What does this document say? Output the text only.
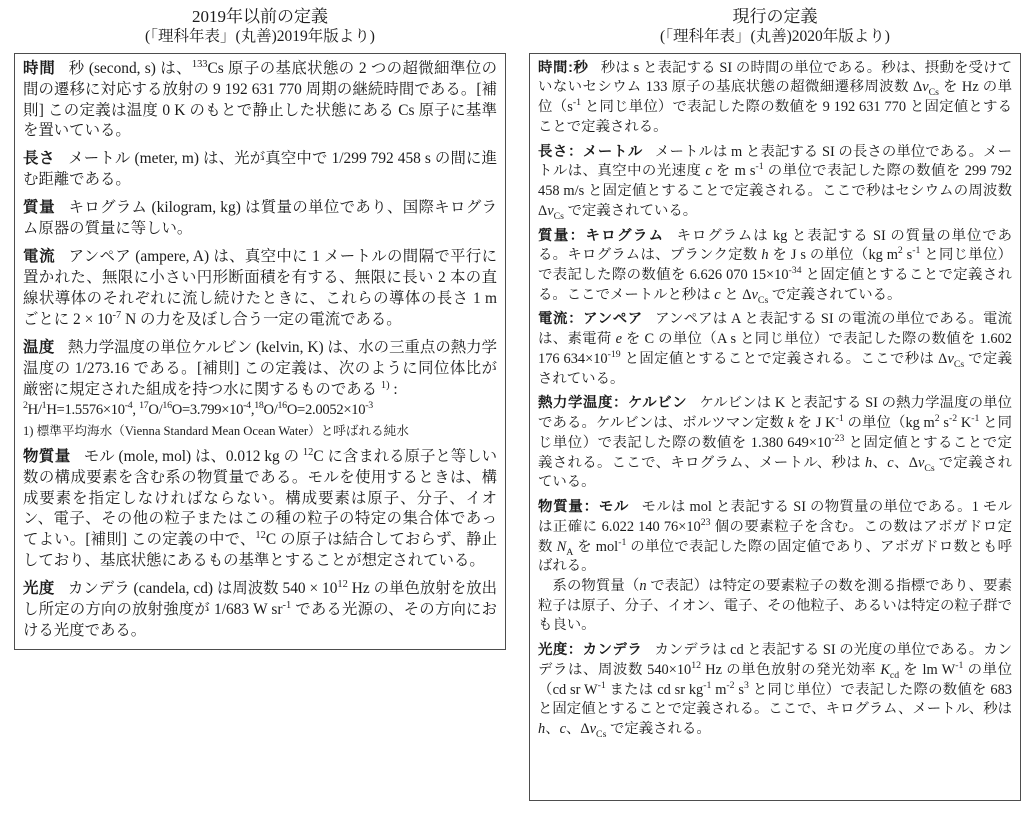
2019年以前の定義
(「理科年表」(丸善)2019年版より)

時間 秒 (second, s) は、$^{133}$Cs 原子の基底状態の 2 つの超微細準位の間の遷移に対応する放射の 9 192 631 770 周期の継続時間である。[補則] この定義は温度 0 K のもとで静止した状態にある Cs 原子に基準を置いている。

長さ メートル (meter, m) は、光が真空中で 1/299 792 458 s の間に進む距離である。

質量 キログラム (kilogram, kg) は質量の単位であり、国際キログラム原器の質量に等しい。

電流 アンペア (ampere, A) は、真空中に 1 メートルの間隔で平行に置かれた、無限に小さい円形断面積を有する、無限に長い 2 本の直線状導体のそれぞれに流し続けたときに、これらの導体の長さ 1 m ごとに $2 \times 10^{-7}$ N の力を及ぼし合う一定の電流である。

温度 熱力学温度の単位ケルビン (kelvin, K) は、水の三重点の熱力学温度の 1/273.16 である。[補則] この定義は、次のように同位体比が厳密に規定された組成を持つ水に関するものである $^{1)}$ :
$^2H/^1H=1.5576\times 10^{-4}$, $^{17}O/^{16}O=3.799\times 10^{-4},^{18}O/^{16}O=2.0052\times 10^{-3}$
1) 標準平均海水（Vienna Standard Mean Ocean Water）と呼ばれる純水

物質量 モル (mole, mol) は、0.012 kg の $^{12}$C に含まれる原子と等しい数の構成要素を含む系の物質量である。モルを使用するときは、構成要素を指定しなければならない。構成要素は原子、分子、イオン、電子、その他の粒子またはこの種の粒子の特定の集合体であってよい。[補則] この定義の中で、$^{12}$C の原子は結合しておらず、静止しており、基底状態にあるもの基準とすることが想定されている。

光度 カンデラ (candela, cd) は周波数 $540 \times 10^{12}$ Hz の単色放射を放出し所定の方向の放射強度が 1/683 W $sr^{-1}$ である光源の、その方向における光度である。

現行の定義
(「理科年表」(丸善)2020年版より)

時間:秒 秒は s と表記する SI の時間の単位である。秒は、摂動を受けていないセシウム 133 原子の基底状態の超微細遷移周波数 $\Delta\nu_{Cs}$ を Hz の単位（$s^{-1}$ と同じ単位）で表記した際の数値を 9 192 631 770 と固定値とすることで定義される。

長さ：メートル メートルは m と表記する SI の長さの単位である。メートルは、真空中の光速度 c を m $s^{-1}$ の単位で表記した際の数値を 299 792 458 m/s と固定値とすることで定義される。ここで秒はセシウムの周波数 $\Delta\nu_{Cs}$ で定義されている。

質量：キログラム キログラムは kg と表記する SI の質量の単位である。キログラムは、プランク定数 h を J s の単位（kg $m^2$ $s^{-1}$ と同じ単位）で表記した際の数値を 6.626 070 $15\times 10^{-34}$ と固定値とすることで定義される。ここでメートルと秒は c と $\Delta\nu_{Cs}$ で定義されている。

電流：アンペア アンペアは A と表記する SI の電流の単位である。電流は、素電荷 e を C の単位（A s と同じ単位）で表記した際の数値を 1.602 176 $634\times 10^{-19}$ と固定値とすることで定義される。ここで秒は $\Delta\nu_{Cs}$ で定義されている。

熱力学温度：ケルビン ケルビンは K と表記する SI の熱力学温度の単位である。ケルビンは、ボルツマン定数 k を J $K^{-1}$ の単位（kg $m^2$ $s^{-2}$ $K^{-1}$ と同じ単位）で表記した際の数値を 1.380 $649\times 10^{-23}$ と固定値とすることで定義される。ここで、キログラム、メートル、秒は h、c、$\Delta\nu_{Cs}$ で定義されている。

物質量：モル モルは mol と表記する SI の物質量の単位である。1 モルは正確に 6.022 140 $76\times 10^{23}$ 個の要素粒子を含む。この数はアボガドロ定数 $N_A$ を mol$^{-1}$ の単位で表記した際の固定値であり、アボガドロ数とも呼ばれる。
　系の物質量（n で表記）は特定の要素粒子の数を測る指標であり、要素粒子は原子、分子、イオン、電子、その他粒子、あるいは特定の粒子群でも良い。

光度：カンデラ カンデラは cd と表記する SI の光度の単位である。カンデラは、周波数 $540\times 10^{12}$ Hz の単色放射の発光効率 $K_{cd}$ を lm $W^{-1}$ の単位（cd sr $W^{-1}$ または cd sr $kg^{-1}$ $m^{-2}$ $s^3$ と同じ単位）で表記した際の数値を 683 と固定値とすることで定義される。ここで、キログラム、メートル、秒は h、c、$\Delta\nu_{Cs}$ で定義される。
